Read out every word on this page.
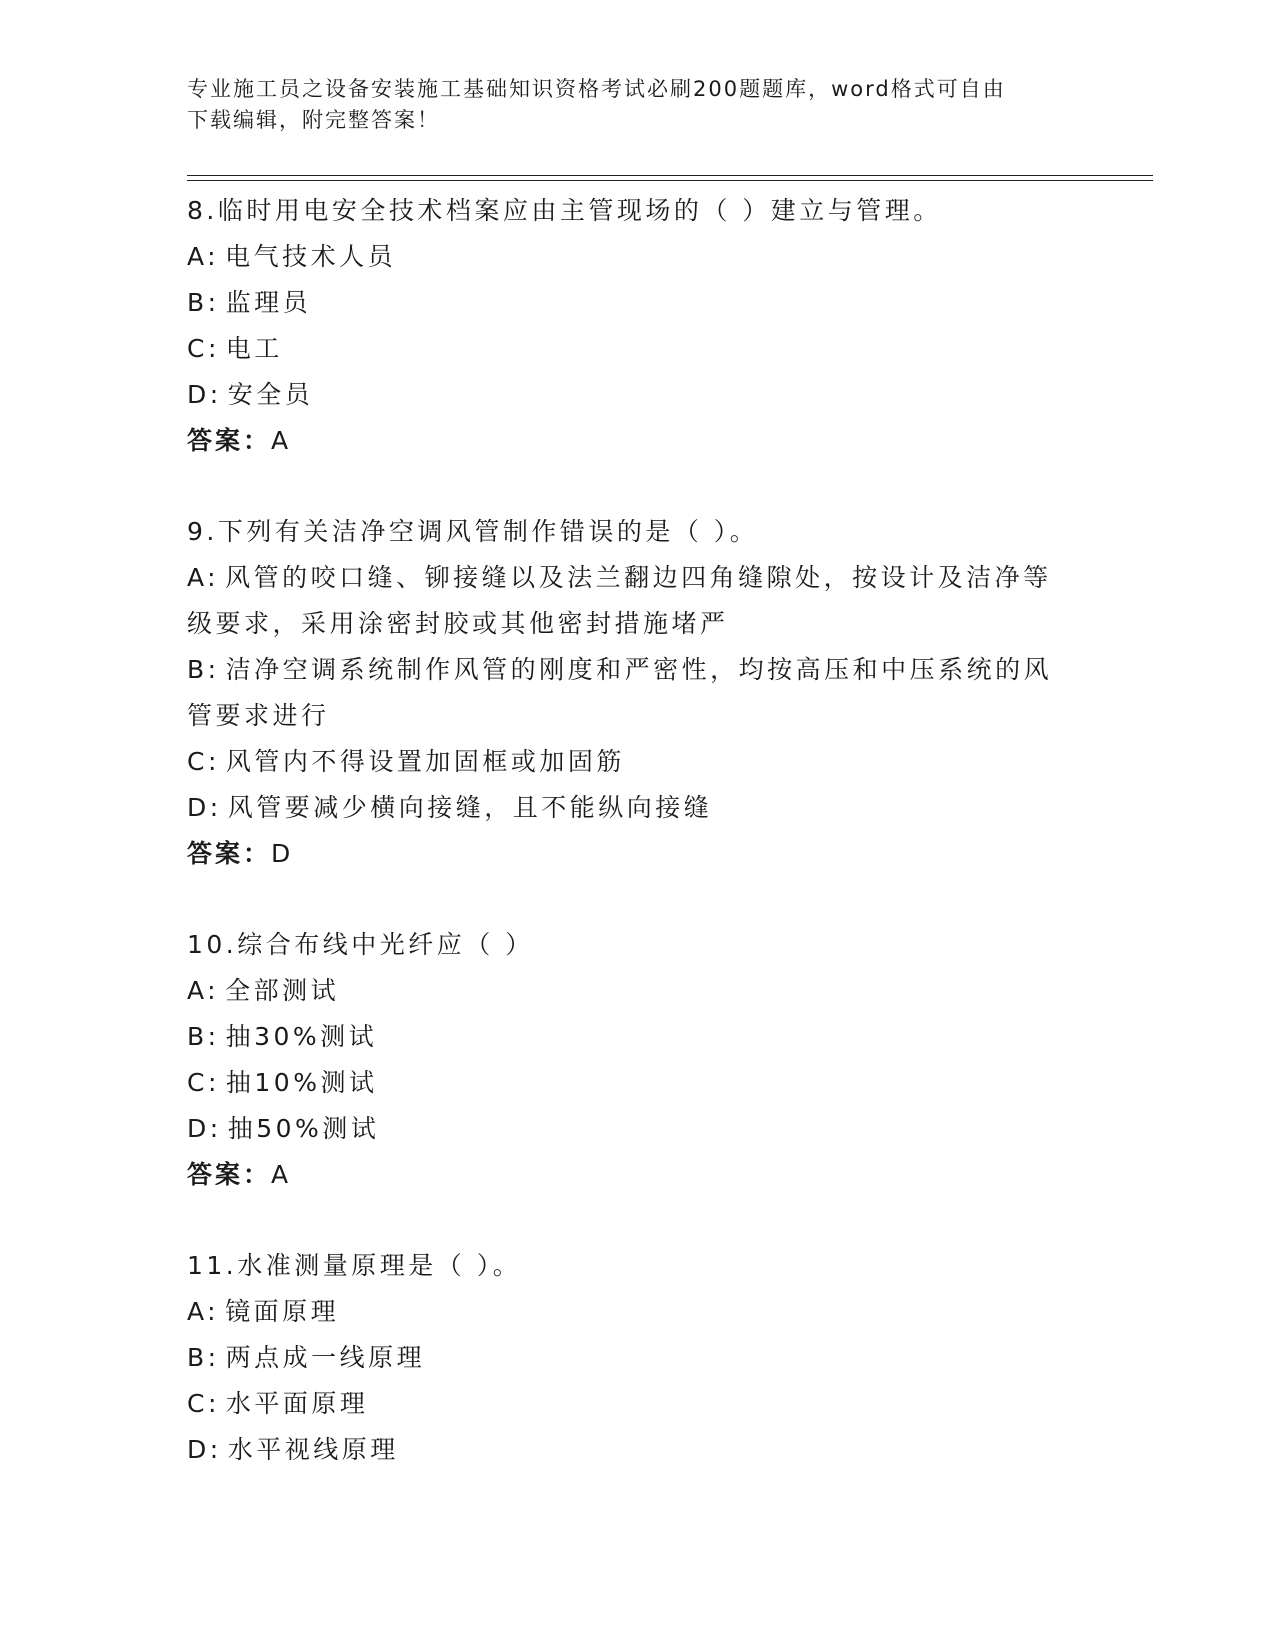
专业施工员之设备安装施工基础知识资格考试必刷200题题库，word格式可自由
下载编辑，附完整答案！
8.临时用电安全技术档案应由主管现场的（ ）建立与管理。
A: 电气技术人员
B: 监理员
C: 电工
D: 安全员
答案：A
9.下列有关洁净空调风管制作错误的是（ ）。
A: 风管的咬口缝、铆接缝以及法兰翻边四角缝隙处，按设计及洁净等级要求，采用涂密封胶或其他密封措施堵严
B: 洁净空调系统制作风管的刚度和严密性，均按高压和中压系统的风管要求进行
C: 风管内不得设置加固框或加固筋
D: 风管要减少横向接缝，且不能纵向接缝
答案：D
10.综合布线中光纤应（ ）
A: 全部测试
B: 抽30%测试
C: 抽10%测试
D: 抽50%测试
答案：A
11.水准测量原理是（ ）。
A: 镜面原理
B: 两点成一线原理
C: 水平面原理
D: 水平视线原理
